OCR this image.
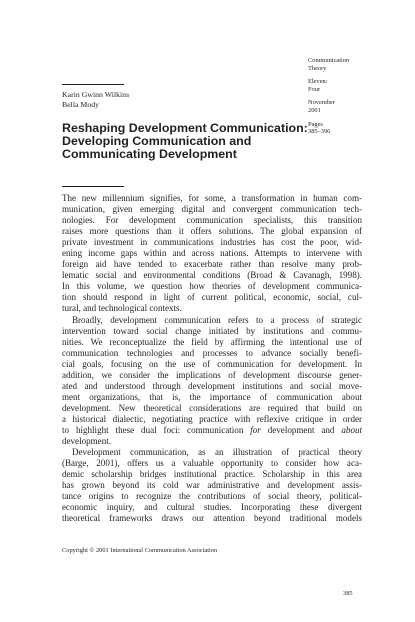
Communication
Theory
Eleven:
Four
November
2001
Pages
385–396
Karin Gwinn Wilkins
Bella Mody
Reshaping Development Communication:
Developing Communication and
Communicating Development
The new millennium signifies, for some, a transformation in human com-
munication, given emerging digital and convergent communication tech-
nologies. For development communication specialists, this transition
raises more questions than it offers solutions. The global expansion of
private investment in communications industries has cost the poor, wid-
ening income gaps within and across nations. Attempts to intervene with
foreign aid have tended to exacerbate rather than resolve many prob-
lematic social and environmental conditions (Broad & Cavanagh, 1998).
In this volume, we question how theories of development communica-
tion should respond in light of current political, economic, social, cul-
tural, and technological contexts.
Broadly, development communication refers to a process of strategic
intervention toward social change initiated by institutions and commu-
nities. We reconceptualize the field by affirming the intentional use of
communication technologies and processes to advance socially benefi-
cial goals, focusing on the use of communication for development. In
addition, we consider the implications of development discourse gener-
ated and understood through development institutions and social move-
ment organizations, that is, the importance of communication about
development. New theoretical considerations are required that build on
a historical dialectic, negotiating practice with reflexive critique in order
to highlight these dual foci: communication for development and about
development.
Development communication, as an illustration of practical theory
(Barge, 2001), offers us a valuable opportunity to consider how aca-
demic scholarship bridges institutional practice. Scholarship in this area
has grown beyond its cold war administrative and development assis-
tance origins to recognize the contributions of social theory, political-
economic inquiry, and cultural studies. Incorporating these divergent
theoretical frameworks draws our attention beyond traditional models
Copyright © 2001 International Communication Association
385
